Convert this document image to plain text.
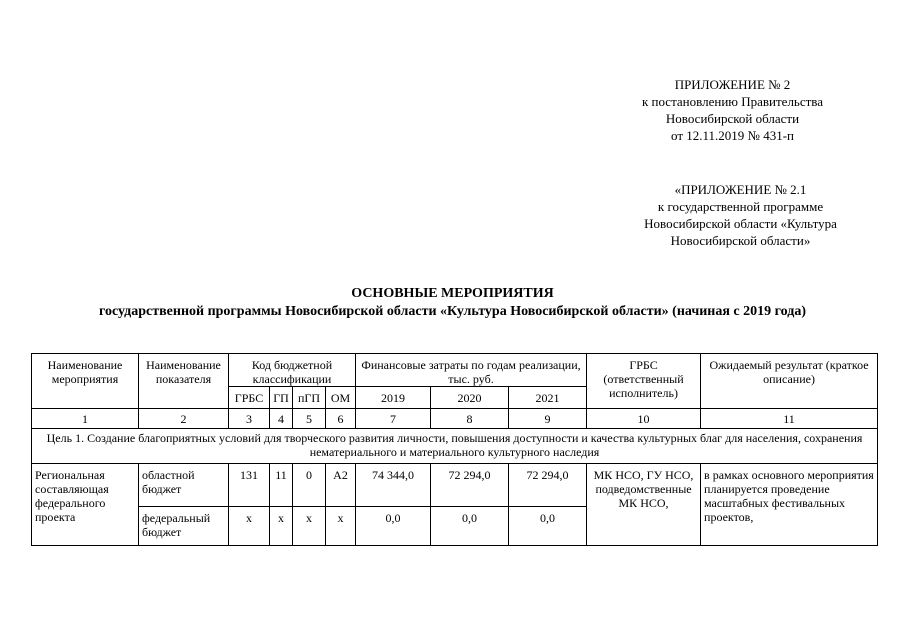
ПРИЛОЖЕНИЕ № 2
к постановлению Правительства
Новосибирской области
от 12.11.2019 № 431-п
«ПРИЛОЖЕНИЕ № 2.1
к государственной программе
Новосибирской области «Культура
Новосибирской области»
ОСНОВНЫЕ МЕРОПРИЯТИЯ
государственной программы Новосибирской области «Культура Новосибирской области» (начиная с 2019 года)
Наименование мероприятия	Наименование показателя	Код бюджетной классификации				Финансовые затраты по годам реализации, тыс. руб.			ГРБС (ответственный исполнитель)	Ожидаемый результат (краткое описание)
		ГРБС	ГП	пГП	ОМ	2019	2020	2021		
1	2	3	4	5	6	7	8	9	10	11
Цель 1. Создание благоприятных условий для творческого развития личности, повышения доступности и качества культурных благ для населения, сохранения нематериального и материального культурного наследия										
Региональная составляющая федерального проекта	областной бюджет	131	11	0	А2	74 344,0	72 294,0	72 294,0	МК НСО, ГУ НСО, подведомственные МК НСО,	в рамках основного мероприятия планируется проведение масштабных фестивальных проектов,
	федеральный бюджет	х	х	х	х	0,0	0,0	0,0		
